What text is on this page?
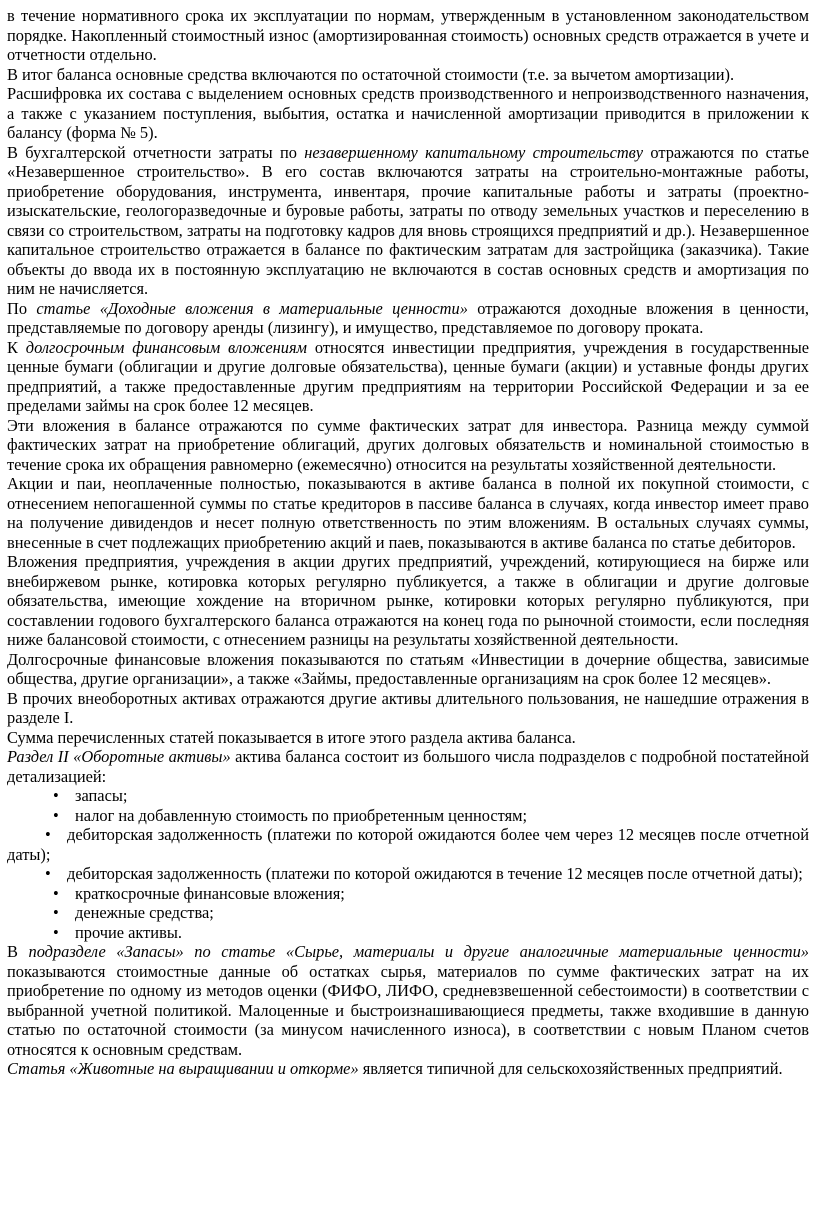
в течение нормативного срока их эксплуатации по нормам, утвержденным в установленном законодательством порядке. Накопленный стоимостный износ (амортизированная стоимость) основных средств отражается в учете и отчетности отдельно.

В итог баланса основные средства включаются по остаточной стоимости (т.е. за вычетом амортизации).

Расшифровка их состава с выделением основных средств производственного и непроизводственного назначения, а также с указанием поступления, выбытия, остатка и начисленной амортизации приводится в приложении к балансу (форма № 5).

В бухгалтерской отчетности затраты по незавершенному капитальному строительству отражаются по статье «Незавершенное строительство». В его состав включаются затраты на строительно-монтажные работы, приобретение оборудования, инструмента, инвентаря, прочие капитальные работы и затраты (проектно-изыскательские, геологоразведочные и буровые работы, затраты по отводу земельных участков и переселению в связи со строительством, затраты на подготовку кадров для вновь строящихся предприятий и др.). Незавершенное капитальное строительство отражается в балансе по фактическим затратам для застройщика (заказчика). Такие объекты до ввода их в постоянную эксплуатацию не включаются в состав основных средств и амортизация по ним не начисляется.

По статье «Доходные вложения в материальные ценности» отражаются доходные вложения в ценности, представляемые по договору аренды (лизингу), и имущество, представляемое по договору проката.

К долгосрочным финансовым вложениям относятся инвестиции предприятия, учреждения в государственные ценные бумаги (облигации и другие долговые обязательства), ценные бумаги (акции) и уставные фонды других предприятий, а также предоставленные другим предприятиям на территории Российской Федерации и за ее пределами займы на срок более 12 месяцев.

Эти вложения в балансе отражаются по сумме фактических затрат для инвестора. Разница между суммой фактических затрат на приобретение облигаций, других долговых обязательств и номинальной стоимостью в течение срока их обращения равномерно (ежемесячно) относится на результаты хозяйственной деятельности.

Акции и паи, неоплаченные полностью, показываются в активе баланса в полной их покупной стоимости, с отнесением непогашенной суммы по статье кредиторов в пассиве баланса в случаях, когда инвестор имеет право на получение дивидендов и несет полную ответственность по этим вложениям. В остальных случаях суммы, внесенные в счет подлежащих приобретению акций и паев, показываются в активе баланса по статье дебиторов.

Вложения предприятия, учреждения в акции других предприятий, учреждений, котирующиеся на бирже или внебиржевом рынке, котировка которых регулярно публикуется, а также в облигации и другие долговые обязательства, имеющие хождение на вторичном рынке, котировки которых регулярно публикуются, при составлении годового бухгалтерского баланса отражаются на конец года по рыночной стоимости, если последняя ниже балансовой стоимости, с отнесением разницы на результаты хозяйственной деятельности.

Долгосрочные финансовые вложения показываются по статьям «Инвестиции в дочерние общества, зависимые общества, другие организации», а также «Займы, предоставленные организациям на срок более 12 месяцев».

В прочих внеоборотных активах отражаются другие активы длительного пользования, не нашедшие отражения в разделе I.

Сумма перечисленных статей показывается в итоге этого раздела актива баланса.

Раздел II «Оборотные активы» актива баланса состоит из большого числа подразделов с подробной постатейной детализацией:

• запасы;
• налог на добавленную стоимость по приобретенным ценностям;
• дебиторская задолженность (платежи по которой ожидаются более чем через 12 месяцев после отчетной даты);
• дебиторская задолженность (платежи по которой ожидаются в течение 12 месяцев после отчетной даты);
• краткосрочные финансовые вложения;
• денежные средства;
• прочие активы.

В подразделе «Запасы» по статье «Сырье, материалы и другие аналогичные материальные ценности» показываются стоимостные данные об остатках сырья, материалов по сумме фактических затрат на их приобретение по одному из методов оценки (ФИФО, ЛИФО, средневзвешенной себестоимости) в соответствии с выбранной учетной политикой. Малоценные и быстроизнашивающиеся предметы, также входившие в данную статью по остаточной стоимости (за минусом начисленного износа), в соответствии с новым Планом счетов относятся к основным средствам.

Статья «Животные на выращивании и откорме» является типичной для сельскохозяйственных предприятий.
